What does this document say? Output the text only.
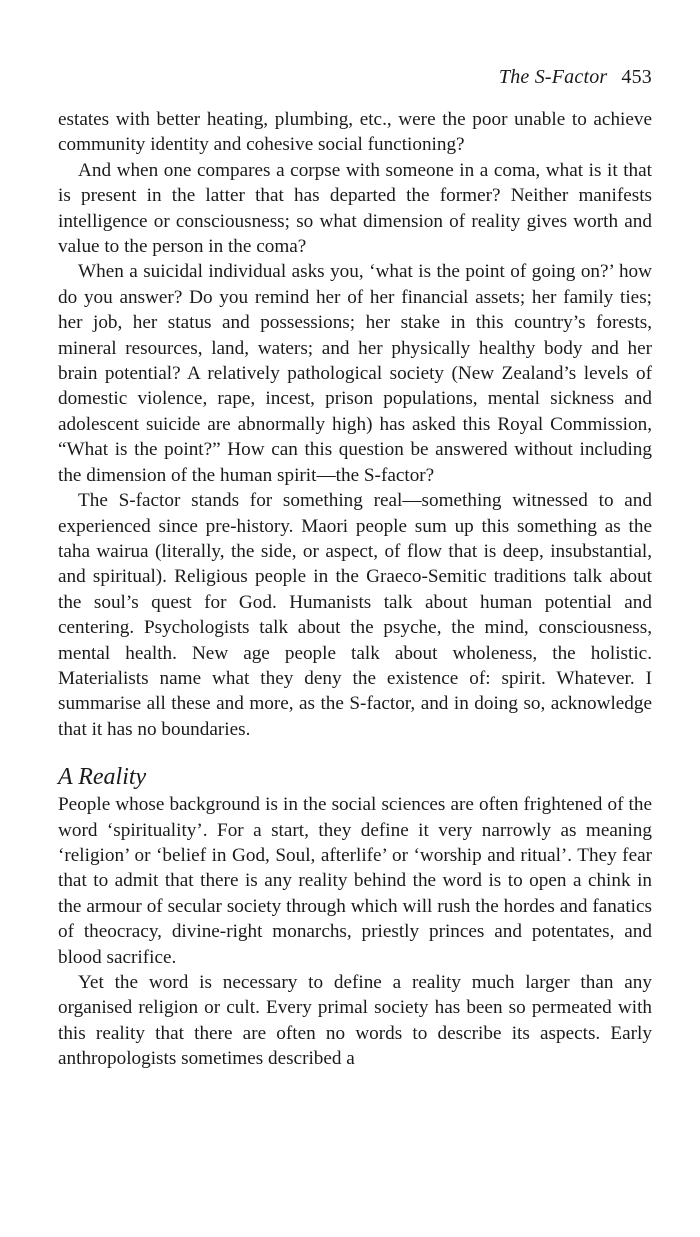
The S-Factor 453

estates with better heating, plumbing, etc., were the poor unable to achieve community identity and cohesive social functioning?

And when one compares a corpse with someone in a coma, what is it that is present in the latter that has departed the former? Neither manifests intelligence or consciousness; so what dimension of reality gives worth and value to the person in the coma?

When a suicidal individual asks you, ‘what is the point of going on?’ how do you answer? Do you remind her of her financial assets; her family ties; her job, her status and possessions; her stake in this country’s forests, mineral resources, land, waters; and her physically healthy body and her brain potential? A relatively pathological society (New Zealand’s levels of domestic violence, rape, incest, prison populations, mental sickness and adolescent suicide are abnormally high) has asked this Royal Commission, “What is the point?” How can this question be answered without including the dimension of the human spirit—the S-factor?

The S-factor stands for something real—something witnessed to and experienced since pre-history. Maori people sum up this something as the taha wairua (literally, the side, or aspect, of flow that is deep, insubstantial, and spiritual). Religious people in the Graeco-Semitic traditions talk about the soul’s quest for God. Humanists talk about human potential and centering. Psychologists talk about the psyche, the mind, consciousness, mental health. New age people talk about wholeness, the holistic. Materialists name what they deny the existence of: spirit. Whatever. I summarise all these and more, as the S-factor, and in doing so, acknowledge that it has no boundaries.

A Reality

People whose background is in the social sciences are often frightened of the word ‘spirituality’. For a start, they define it very narrowly as meaning ‘religion’ or ‘belief in God, Soul, afterlife’ or ‘worship and ritual’. They fear that to admit that there is any reality behind the word is to open a chink in the armour of secular society through which will rush the hordes and fanatics of theocracy, divine-right monarchs, priestly princes and potentates, and blood sacrifice.

Yet the word is necessary to define a reality much larger than any organised religion or cult. Every primal society has been so permeated with this reality that there are often no words to describe its aspects. Early anthropologists sometimes described a
